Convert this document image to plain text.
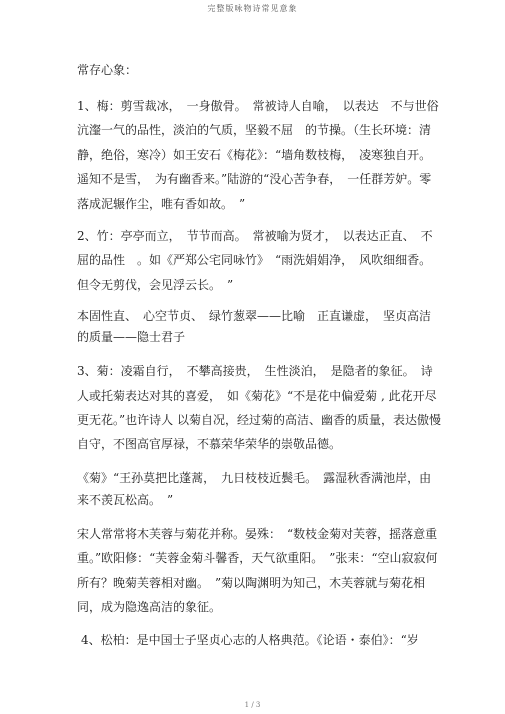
完整版咏物诗常见意象
常存心象：

1、梅：剪雪裁冰，　一身傲骨。　常被诗人自喻，　以表达　不与世俗沆瀣一气的品性，淡泊的气质，坚毅不屈　的节操。（生长环境：清静，绝俗，寒冷）如王安石《梅花》：“墙角数枝梅，　凌寒独自开。遥知不是雪，　为有幽香来。”陆游的“没心苦争春，　一任群芳妒。零落成泥辗作尘，唯有香如故。　”

2、竹：亭亭而立，　节节而高。　常被喻为贤才，　以表达正直、　不屈的品性　。如《严郑公宅同咏竹》　“雨洗娟娟净，　风吹细细香。但令无剪伐，会见浮云长。　”

本固性直、　心空节贞、　绿竹葱翠——比喻　正直谦虚，　坚贞高洁的质量——隐士君子

3、菊：凌霜自行，　不攀高接贵，　生性淡泊，　是隐者的象征。　诗人或托菊表达对其的喜爱，　如《菊花》“不是花中偏爱菊 , 此花开尽更无花。”也许诗人 以菊自况，经过菊的高洁、幽香的质量，表达傲慢自守，不图高官厚禄，不慕荣华荣华的崇敬品德。

《菊》“王孙莫把比蓬蒿，　九日枝枝近鬓毛。　露湿秋香满池岸，由来不羡瓦松高。　”

宋人常常将木芙蓉与菊花并称。晏殊：　“数枝金菊对芙蓉，摇落意重重。”欧阳修：“芙蓉金菊斗馨香，天气欲重阳。　”张耒：“空山寂寂何所有？晚菊芙蓉相对幽。　”菊以陶渊明为知己，木芙蓉就与菊花相同，成为隐逸高洁的象征。

4、松柏：是中国士子坚贞心志的人格典范。《论语・泰伯》：“岁

1 / 3
